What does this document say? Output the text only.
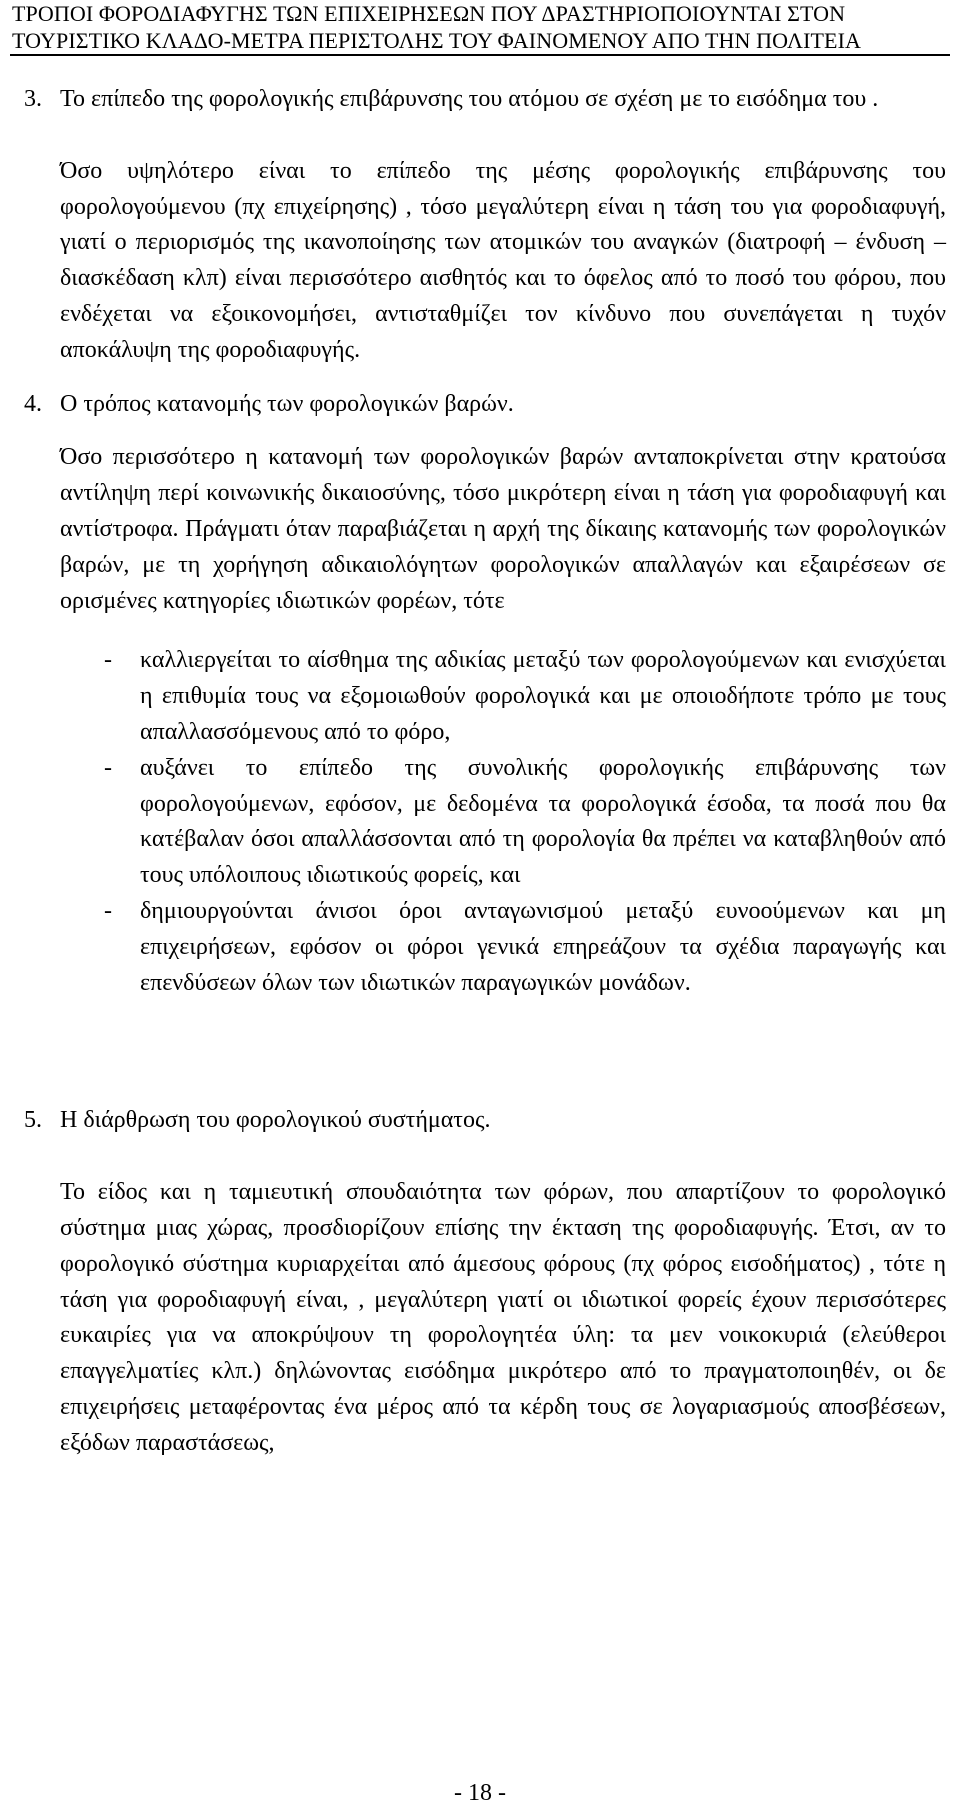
ΤΡΟΠΟΙ ΦΟΡΟΔΙΑΦΥΓΗΣ ΤΩΝ ΕΠΙΧΕΙΡΗΣΕΩΝ ΠΟΥ ΔΡΑΣΤΗΡΙΟΠΟΙΟΥΝΤΑΙ ΣΤΟΝ
ΤΟΥΡΙΣΤΙΚΟ ΚΛΑΔΟ-ΜΕΤΡΑ ΠΕΡΙΣΤΟΛΗΣ ΤΟΥ ΦΑΙΝΟΜΕΝΟΥ ΑΠΟ ΤΗΝ ΠΟΛΙΤΕΙΑ
3. Το επίπεδο της φορολογικής επιβάρυνσης του ατόμου σε σχέση με το εισόδημα του .

Όσο υψηλότερο είναι το επίπεδο της μέσης φορολογικής επιβάρυνσης του φορολογούμενου (πχ επιχείρησης) , τόσο μεγαλύτερη είναι η τάση του για φοροδιαφυγή, γιατί ο περιορισμός της ικανοποίησης των ατομικών του αναγκών (διατροφή – ένδυση – διασκέδαση κλπ) είναι περισσότερο αισθητός και το όφελος από το ποσό του φόρου, που ενδέχεται να εξοικονομήσει, αντισταθμίζει τον κίνδυνο που συνεπάγεται η τυχόν αποκάλυψη της φοροδιαφυγής.

4. Ο τρόπος κατανομής των φορολογικών βαρών.

Όσο περισσότερο η κατανομή των φορολογικών βαρών ανταποκρίνεται στην κρατούσα αντίληψη περί κοινωνικής δικαιοσύνης, τόσο μικρότερη είναι η τάση για φοροδιαφυγή και αντίστροφα. Πράγματι όταν παραβιάζεται η αρχή της δίκαιης κατανομής των φορολογικών βαρών, με τη χορήγηση αδικαιολόγητων φορολογικών απαλλαγών και εξαιρέσεων σε ορισμένες κατηγορίες ιδιωτικών φορέων, τότε

-	καλλιεργείται το αίσθημα της αδικίας μεταξύ των φορολογούμενων και ενισχύεται η επιθυμία τους να εξομοιωθούν φορολογικά και με οποιοδήποτε τρόπο με τους απαλλασσόμενους από το φόρο,
-	αυξάνει το επίπεδο της συνολικής φορολογικής επιβάρυνσης των φορολογούμενων, εφόσον, με δεδομένα τα φορολογικά έσοδα, τα ποσά που θα κατέβαλαν όσοι απαλλάσσονται από τη φορολογία θα πρέπει να καταβληθούν από τους υπόλοιπους ιδιωτικούς φορείς, και
-	δημιουργούνται άνισοι όροι ανταγωνισμού μεταξύ ευνοούμενων και μη επιχειρήσεων, εφόσον οι φόροι γενικά επηρεάζουν τα σχέδια παραγωγής και επενδύσεων όλων των ιδιωτικών παραγωγικών μονάδων.
5. Η διάρθρωση του φορολογικού συστήματος.

Το είδος και η ταμιευτική σπουδαιότητα των φόρων, που απαρτίζουν το φορολογικό σύστημα μιας χώρας, προσδιορίζουν επίσης την έκταση της φοροδιαφυγής. Έτσι, αν το φορολογικό σύστημα κυριαρχείται από άμεσους φόρους (πχ φόρος εισοδήματος) , τότε η τάση για φοροδιαφυγή είναι, , μεγαλύτερη γιατί οι ιδιωτικοί φορείς έχουν περισσότερες ευκαιρίες για να αποκρύψουν τη φορολογητέα ύλη: τα μεν νοικοκυριά (ελεύθεροι επαγγελματίες κλπ.) δηλώνοντας εισόδημα μικρότερο από το πραγματοποιηθέν, οι δε επιχειρήσεις μεταφέροντας ένα μέρος από τα κέρδη τους σε λογαριασμούς αποσβέσεων, εξόδων παραστάσεως,

- 18 -
